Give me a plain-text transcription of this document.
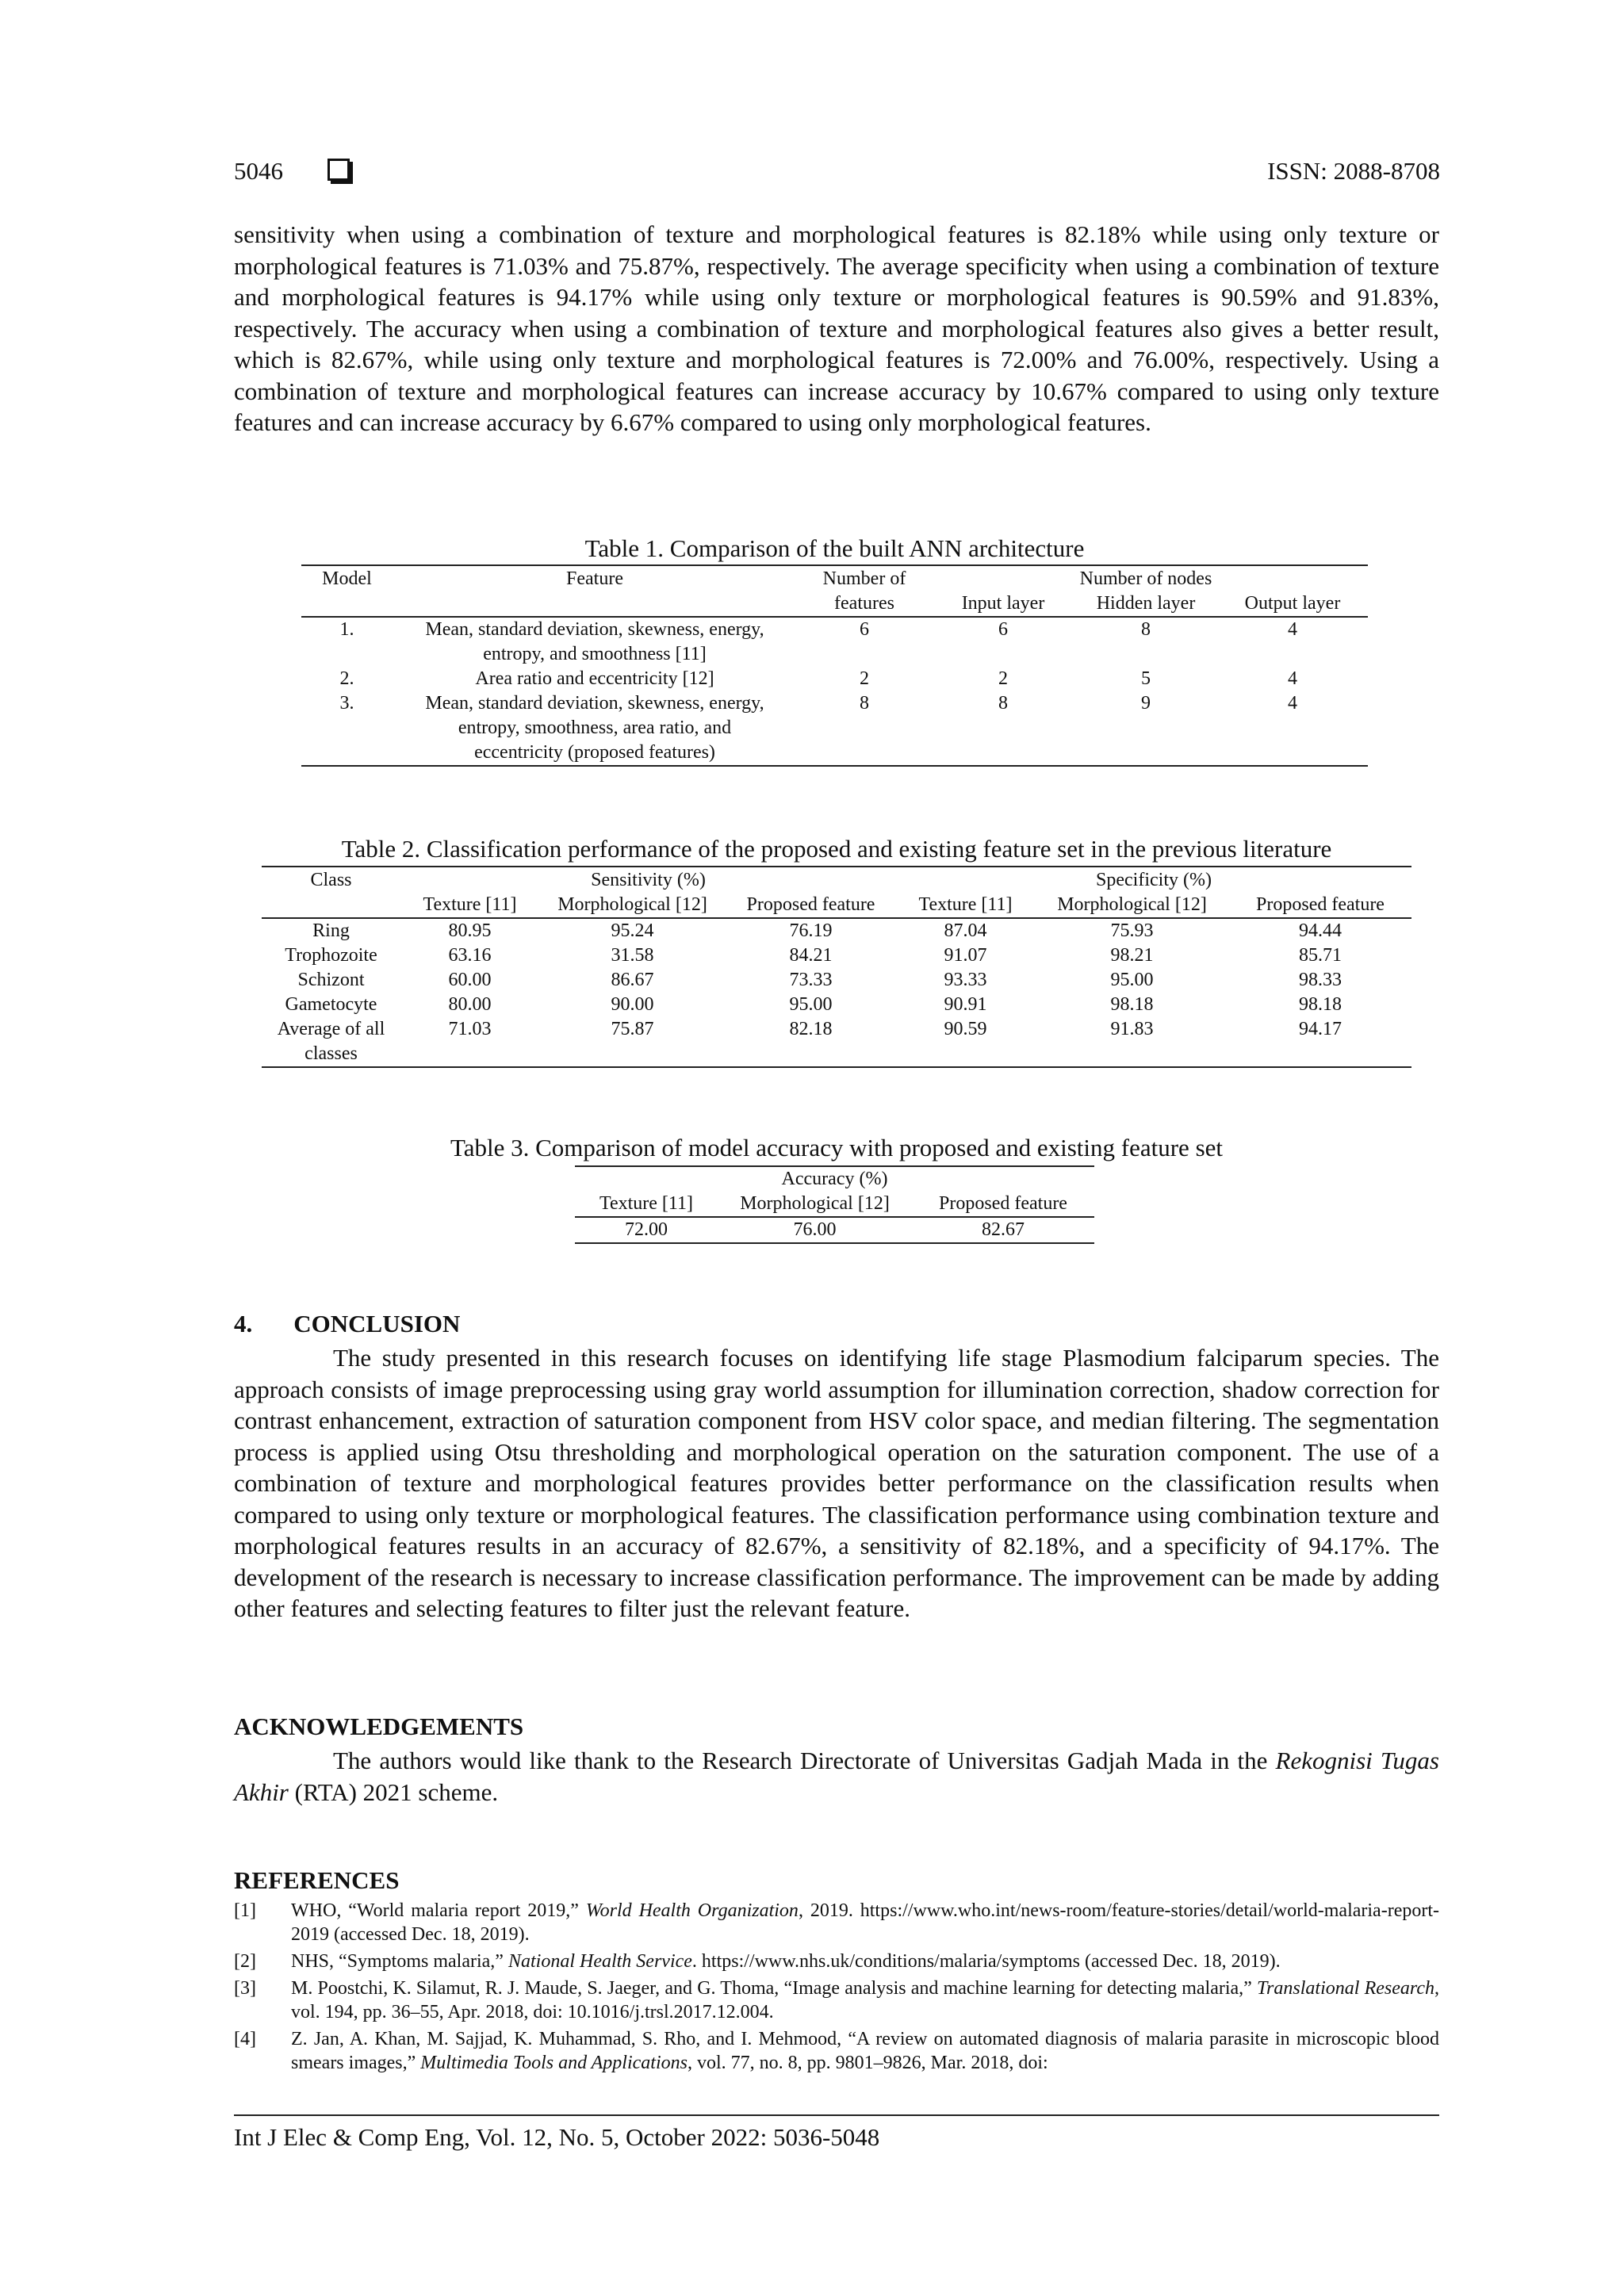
5046	ISSN: 2088-8708

sensitivity when using a combination of texture and morphological features is 82.18% while using only texture or morphological features is 71.03% and 75.87%, respectively. The average specificity when using a combination of texture and morphological features is 94.17% while using only texture or morphological features is 90.59% and 91.83%, respectively. The accuracy when using a combination of texture and morphological features also gives a better result, which is 82.67%, while using only texture and morphological features is 72.00% and 76.00%, respectively. Using a combination of texture and morphological features can increase accuracy by 10.67% compared to using only texture features and can increase accuracy by 6.67% compared to using only morphological features.

Table 1. Comparison of the built ANN architecture
Model	Feature	Number of		Number of nodes	
		features	Input layer	Hidden layer	Output layer
1.	Mean, standard deviation, skewness, energy,
entropy, and smoothness [11]	6	6	8	4
2.	Area ratio and eccentricity [12]	2	2	5	4
3.	Mean, standard deviation, skewness, energy,
entropy, smoothness, area ratio, and
eccentricity (proposed features)	8	8	9	4
Table 2. Classification performance of the proposed and existing feature set in the previous literature
Class	Sensitivity (%)			Specificity (%)		
	Texture [11]	Morphological [12]	Proposed feature	Texture [11]	Morphological [12]	Proposed feature
Ring	80.95	95.24	76.19	87.04	75.93	94.44
Trophozoite	63.16	31.58	84.21	91.07	98.21	85.71
Schizont	60.00	86.67	73.33	93.33	95.00	98.33
Gametocyte	80.00	90.00	95.00	90.91	98.18	98.18

Average of all
classes	71.03	75.87	82.18	90.59	91.83	94.17
Table 3. Comparison of model accuracy with proposed and existing feature set
Accuracy (%)		
Texture [11]	Morphological [12]	Proposed feature
72.00	76.00	82.67
4. CONCLUSION

The study presented in this research focuses on identifying life stage Plasmodium falciparum species. The approach consists of image preprocessing using gray world assumption for illumination correction, shadow correction for contrast enhancement, extraction of saturation component from HSV color space, and median filtering. The segmentation process is applied using Otsu thresholding and morphological operation on the saturation component. The use of a combination of texture and morphological features provides better performance on the classification results when compared to using only texture or morphological features. The classification performance using combination texture and morphological features results in an accuracy of 82.67%, a sensitivity of 82.18%, and a specificity of 94.17%. The development of the research is necessary to increase classification performance. The improvement can be made by adding other features and selecting features to filter just the relevant feature.

ACKNOWLEDGEMENTS

The authors would like thank to the Research Directorate of Universitas Gadjah Mada in the Rekognisi Tugas Akhir (RTA) 2021 scheme.

REFERENCES
[1] WHO, “World malaria report 2019,” World Health Organization, 2019. https://www.who.int/news-room/feature-stories/detail/world-malaria-report-2019 (accessed Dec. 18, 2019).
[2] NHS, “Symptoms malaria,” National Health Service. https://www.nhs.uk/conditions/malaria/symptoms (accessed Dec. 18, 2019).
[3] M. Poostchi, K. Silamut, R. J. Maude, S. Jaeger, and G. Thoma, “Image analysis and machine learning for detecting malaria,” Translational Research, vol. 194, pp. 36–55, Apr. 2018, doi: 10.1016/j.trsl.2017.12.004.
[4] Z. Jan, A. Khan, M. Sajjad, K. Muhammad, S. Rho, and I. Mehmood, “A review on automated diagnosis of malaria parasite in microscopic blood smears images,” Multimedia Tools and Applications, vol. 77, no. 8, pp. 9801–9826, Mar. 2018, doi:
Int J Elec & Comp Eng, Vol. 12, No. 5, October 2022: 5036-5048
